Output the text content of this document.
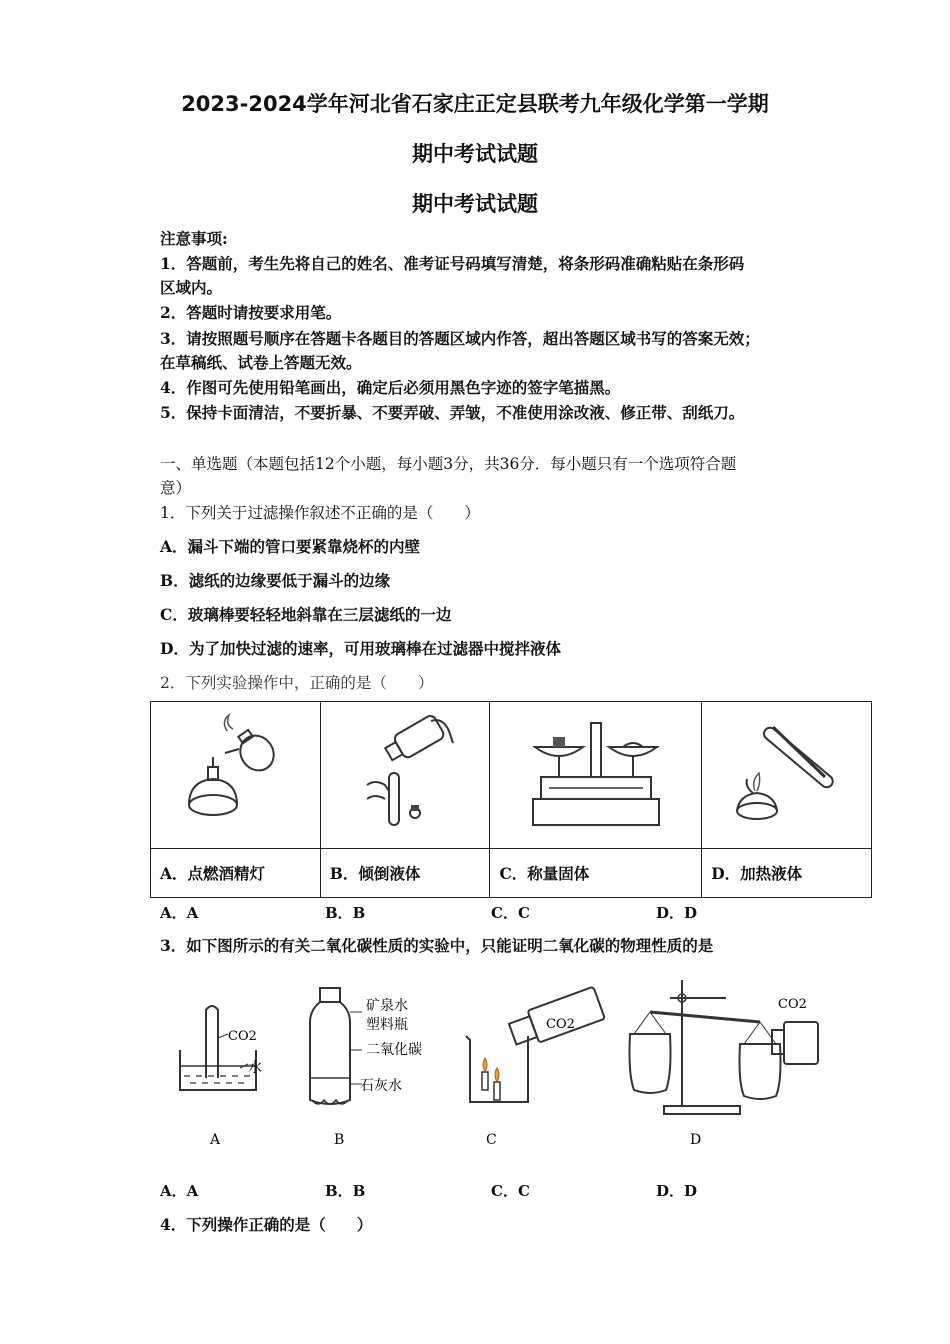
2023-2024学年河北省石家庄正定县联考九年级化学第一学期
期中考试试题
期中考试试题
注意事项:
1．答题前，考生先将自己的姓名、准考证号码填写清楚，将条形码准确粘贴在条形码
区域内。
2．答题时请按要求用笔。
3．请按照题号顺序在答题卡各题目的答题区域内作答，超出答题区域书写的答案无效；
在草稿纸、试卷上答题无效。
4．作图可先使用铅笔画出，确定后必须用黑色字迹的签字笔描黑。
5．保持卡面清洁，不要折暴、不要弄破、弄皱，不准使用涂改液、修正带、刮纸刀。
一、单选题（本题包括12个小题，每小题3分，共36分．每小题只有一个选项符合题
意）
1．下列关于过滤操作叙述不正确的是（　　）
A．漏斗下端的管口要紧靠烧杯的内壁
B．滤纸的边缘要低于漏斗的边缘
C．玻璃棒要轻轻地斜靠在三层滤纸的一边
D．为了加快过滤的速率，可用玻璃棒在过滤器中搅拌液体
2．下列实验操作中，正确的是（　　）

A．点燃酒精灯	B．倾倒液体	C．称量固体	D．加热液体
A．A	B．B	C．C	D．D
3．如下图所示的有关二氧化碳性质的实验中，只能证明二氧化碳的物理性质的是
CO2
水
矿泉水
塑料瓶
二氧化碳
石灰水
CO2
CO2
A	B	C	D
A．A	B．B	C．C	D．D
4．下列操作正确的是（　　）
